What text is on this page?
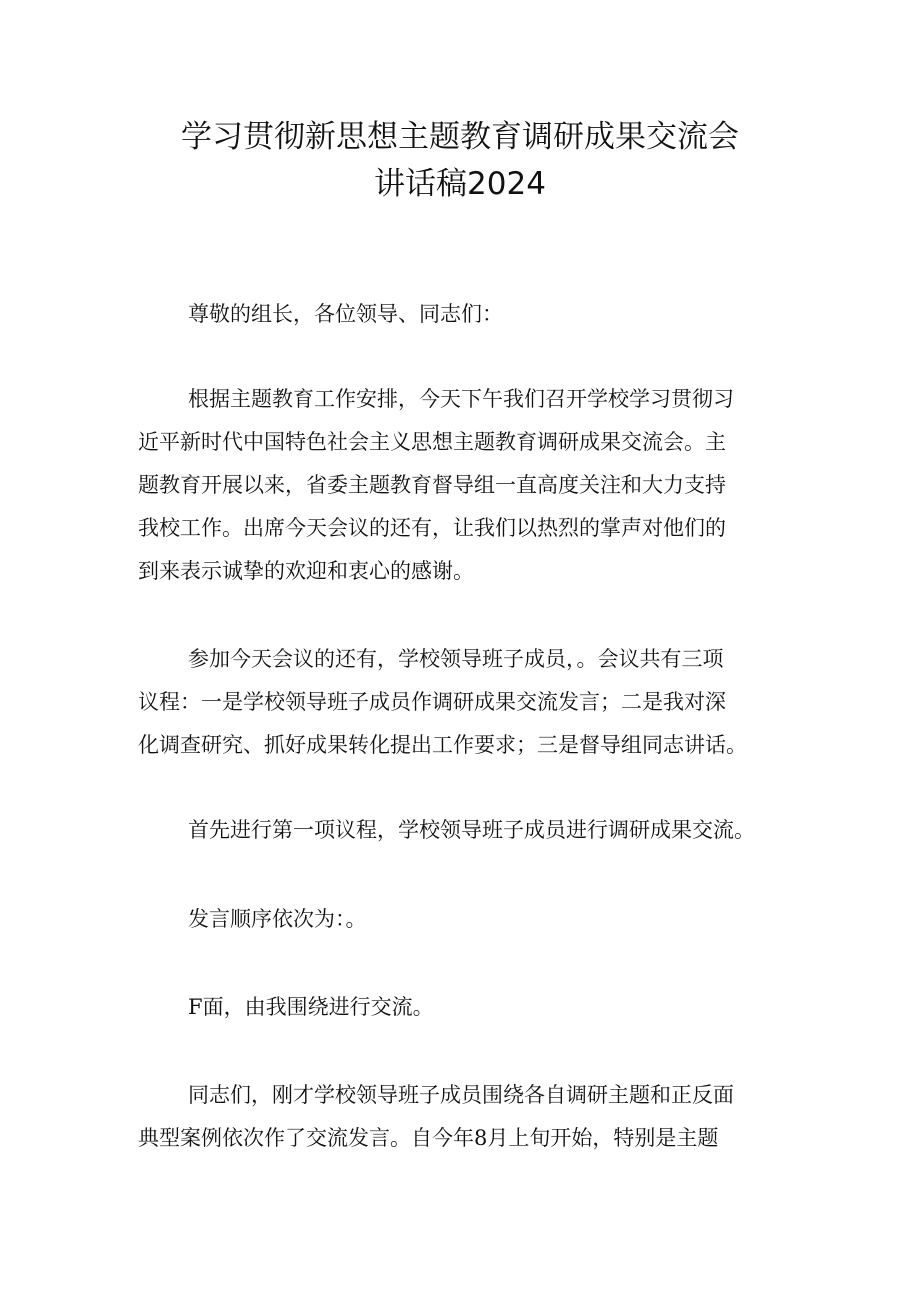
学习贯彻新思想主题教育调研成果交流会
讲话稿2024
尊敬的组长，各位领导、同志们：
根据主题教育工作安排，今天下午我们召开学校学习贯彻习
近平新时代中国特色社会主义思想主题教育调研成果交流会。主
题教育开展以来，省委主题教育督导组一直高度关注和大力支持
我校工作。出席今天会议的还有，让我们以热烈的掌声对他们的
到来表示诚挚的欢迎和衷心的感谢。
参加今天会议的还有，学校领导班子成员，。会议共有三项
议程：一是学校领导班子成员作调研成果交流发言；二是我对深
化调查研究、抓好成果转化提出工作要求；三是督导组同志讲话。
首先进行第一项议程，学校领导班子成员进行调研成果交流。
发言顺序依次为：。
F面，由我围绕进行交流。
同志们，刚才学校领导班子成员围绕各自调研主题和正反面
典型案例依次作了交流发言。自今年8月上旬开始，特别是主题
